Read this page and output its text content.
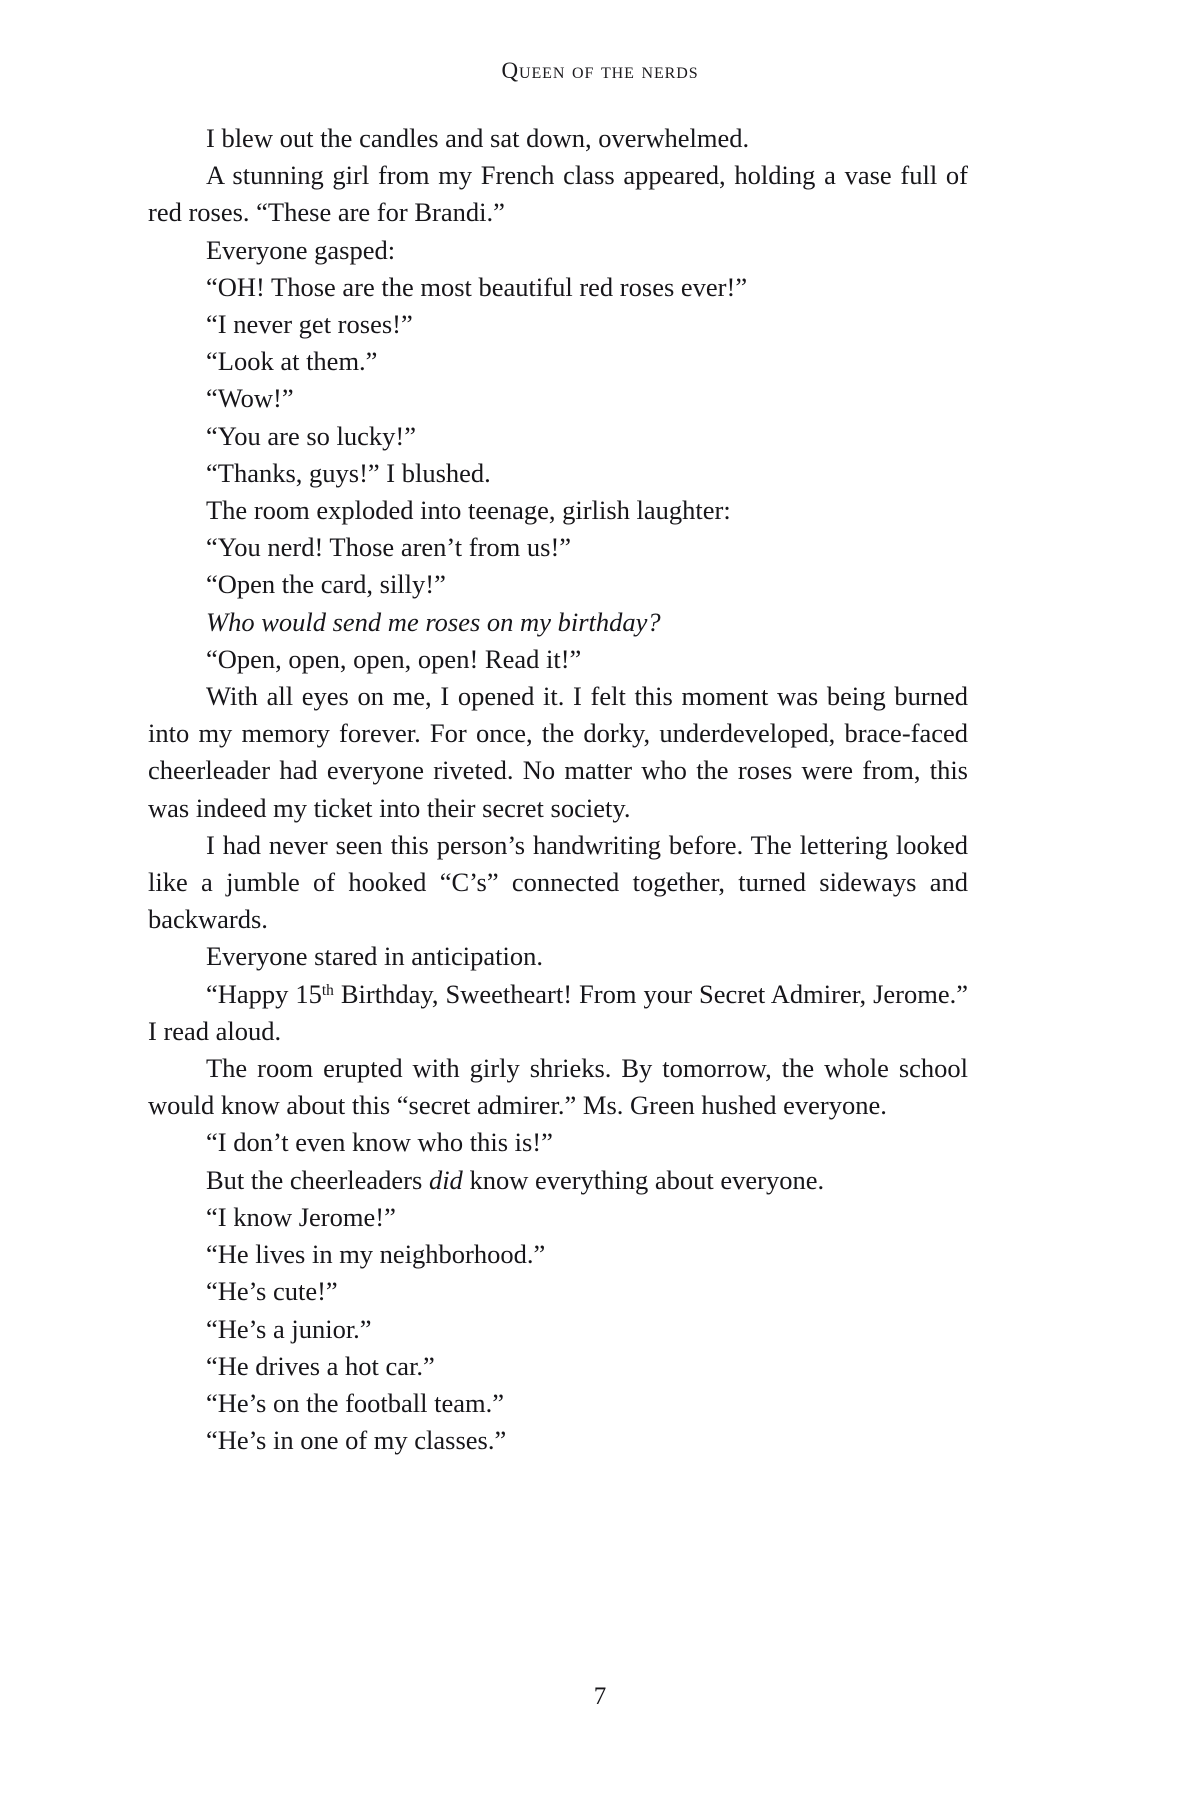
Queen of the nerds

I blew out the candles and sat down, overwhelmed.

A stunning girl from my French class appeared, holding a vase full of red roses. “These are for Brandi.”

Everyone gasped:

“OH! Those are the most beautiful red roses ever!”

“I never get roses!”

“Look at them.”

“Wow!”

“You are so lucky!”

“Thanks, guys!” I blushed.

The room exploded into teenage, girlish laughter:

“You nerd! Those aren’t from us!”

“Open the card, silly!”

Who would send me roses on my birthday?

“Open, open, open, open! Read it!”

With all eyes on me, I opened it. I felt this moment was being burned into my memory forever. For once, the dorky, underdeveloped, brace-faced cheerleader had everyone riveted. No matter who the roses were from, this was indeed my ticket into their secret society.

I had never seen this person’s handwriting before. The lettering looked like a jumble of hooked “C’s” connected together, turned sideways and backwards.

Everyone stared in anticipation.

“Happy 15th Birthday, Sweetheart! From your Secret Admirer, Jerome.” I read aloud.

The room erupted with girly shrieks. By tomorrow, the whole school would know about this “secret admirer.” Ms. Green hushed everyone.

“I don’t even know who this is!”

But the cheerleaders did know everything about everyone.

“I know Jerome!”

“He lives in my neighborhood.”

“He’s cute!”

“He’s a junior.”

“He drives a hot car.”

“He’s on the football team.”

“He’s in one of my classes.”

7
